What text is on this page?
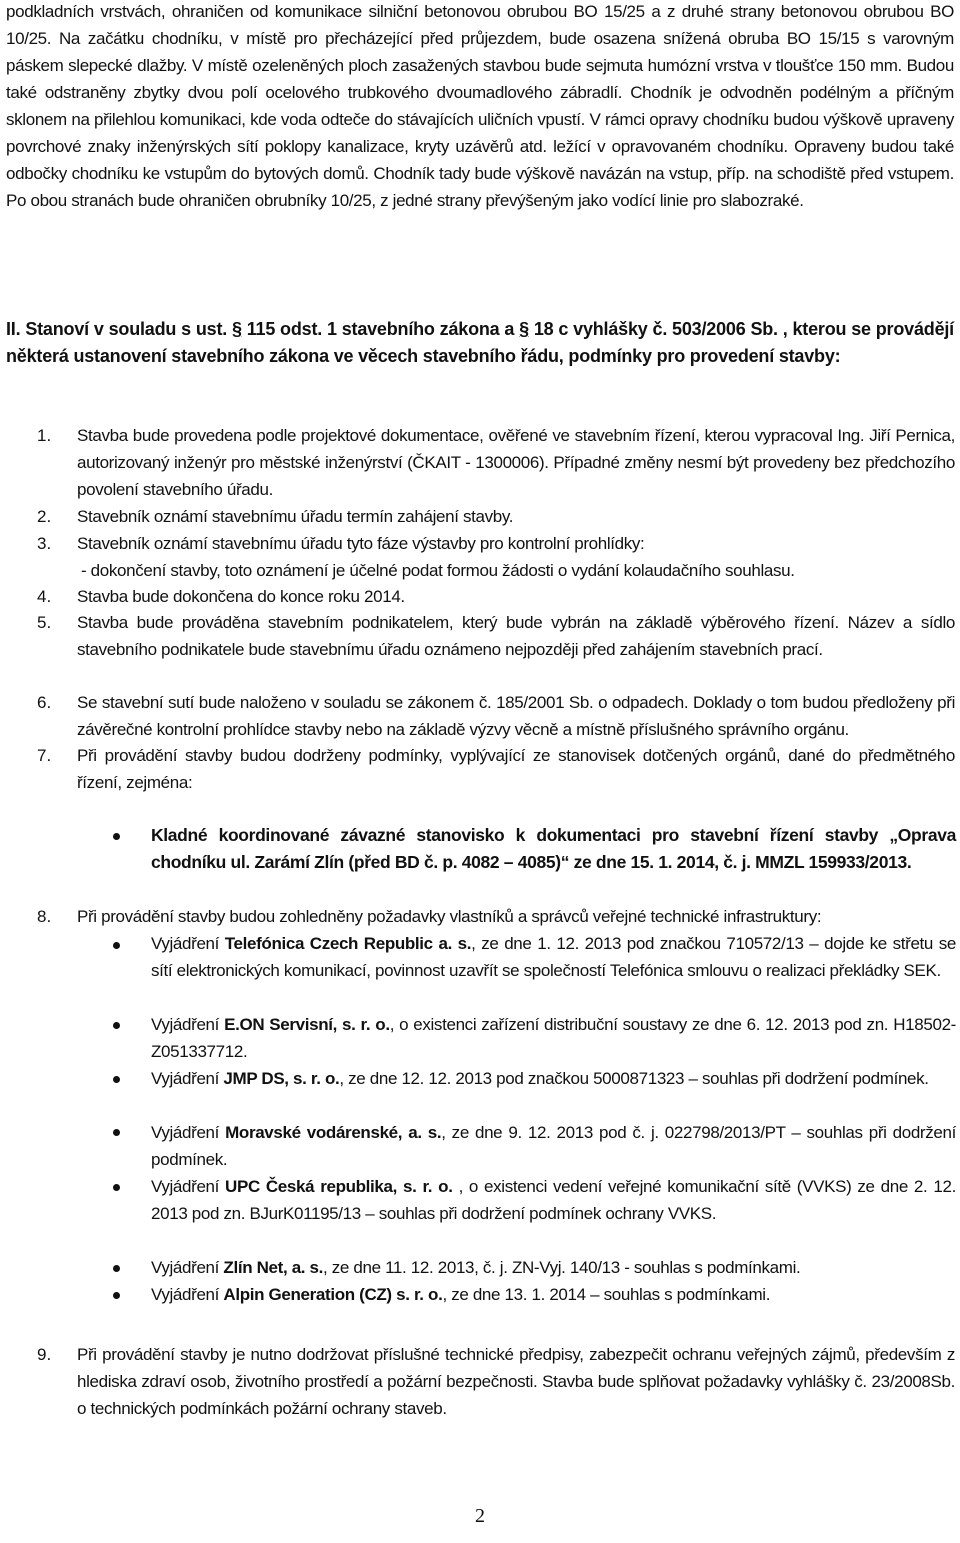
podkladních vrstvách, ohraničen od komunikace silniční betonovou obrubou BO 15/25 a z druhé strany betonovou obrubou BO 10/25. Na začátku chodníku, v místě pro přecházející před průjezdem, bude osazena snížená obruba BO 15/15 s varovným páskem slepecké dlažby. V místě ozeleněných ploch zasažených stavbou bude sejmuta humózní vrstva v tloušťce 150 mm. Budou také odstraněny zbytky dvou polí ocelového trubkového dvoumadlového zábradlí. Chodník je odvodněn podélným a příčným sklonem na přilehlou komunikaci, kde voda odteče do stávajících uličních vpustí. V rámci opravy chodníku budou výškově upraveny povrchové znaky inženýrských sítí poklopy kanalizace, kryty uzávěrů atd. ležící v opravovaném chodníku. Opraveny budou také odbočky chodníku ke vstupům do bytových domů. Chodník tady bude výškově navázán na vstup, příp. na schodiště před vstupem. Po obou stranách bude ohraničen obrubníky 10/25, z jedné strany převýšeným jako vodící linie pro slabozraké.
II. Stanoví v souladu s ust. § 115 odst. 1 stavebního zákona a § 18 c vyhlášky č. 503/2006 Sb. , kterou se provádějí některá ustanovení stavebního zákona ve věcech stavebního řádu, podmínky pro provedení stavby:
1. Stavba bude provedena podle projektové dokumentace, ověřené ve stavebním řízení, kterou vypracoval Ing. Jiří Pernica, autorizovaný inženýr pro městské inženýrství (ČKAIT - 1300006). Případné změny nesmí být provedeny bez předchozího povolení stavebního úřadu.
2. Stavebník oznámí stavebnímu úřadu termín zahájení stavby.
3. Stavebník oznámí stavebnímu úřadu tyto fáze výstavby pro kontrolní prohlídky:
- dokončení stavby, toto oznámení je účelné podat formou žádosti o vydání kolaudačního souhlasu.
4. Stavba bude dokončena do konce roku 2014.
5. Stavba bude prováděna stavebním podnikatelem, který bude vybrán na základě výběrového řízení. Název a sídlo stavebního podnikatele bude stavebnímu úřadu oznámeno nejpozději před zahájením stavebních prací.
6. Se stavební sutí bude naloženo v souladu se zákonem č. 185/2001 Sb. o odpadech. Doklady o tom budou předloženy při závěrečné kontrolní prohlídce stavby nebo na základě výzvy věcně a místně příslušného správního orgánu.
7. Při provádění stavby budou dodrženy podmínky, vyplývající ze stanovisek dotčených orgánů, dané do předmětného řízení, zejména:
Kladné koordinované závazné stanovisko k dokumentaci pro stavební řízení stavby „Oprava chodníku ul. Zarámí Zlín (před BD č. p. 4082 – 4085)“ ze dne 15. 1. 2014, č. j. MMZL 159933/2013.
8. Při provádění stavby budou zohledněny požadavky vlastníků a správců veřejné technické infrastruktury:
Vyjádření Telefónica Czech Republic a. s., ze dne 1. 12. 2013 pod značkou 710572/13 – dojde ke střetu se sítí elektronických komunikací, povinnost uzavřít se společností Telefónica smlouvu o realizaci překládky SEK.
Vyjádření E.ON Servisní, s. r. o., o existenci zařízení distribuční soustavy ze dne 6. 12. 2013 pod zn. H18502-Z051337712.
Vyjádření JMP DS, s. r. o., ze dne 12. 12. 2013 pod značkou 5000871323 – souhlas při dodržení podmínek.
Vyjádření Moravské vodárenské, a. s., ze dne 9. 12. 2013 pod č. j. 022798/2013/PT – souhlas při dodržení podmínek.
Vyjádření UPC Česká republika, s. r. o. , o existenci vedení veřejné komunikační sítě (VVKS) ze dne 2. 12. 2013 pod zn. BJurK01195/13 – souhlas při dodržení podmínek ochrany VVKS.
Vyjádření Zlín Net, a. s., ze dne 11. 12. 2013, č. j. ZN-Vyj. 140/13 - souhlas s podmínkami.
Vyjádření Alpin Generation (CZ) s. r. o., ze dne 13. 1. 2014 – souhlas s podmínkami.
9. Při provádění stavby je nutno dodržovat příslušné technické předpisy, zabezpečit ochranu veřejných zájmů, především z hlediska zdraví osob, životního prostředí a požární bezpečnosti. Stavba bude splňovat požadavky vyhlášky č. 23/2008Sb. o technických podmínkách požární ochrany staveb.
2
